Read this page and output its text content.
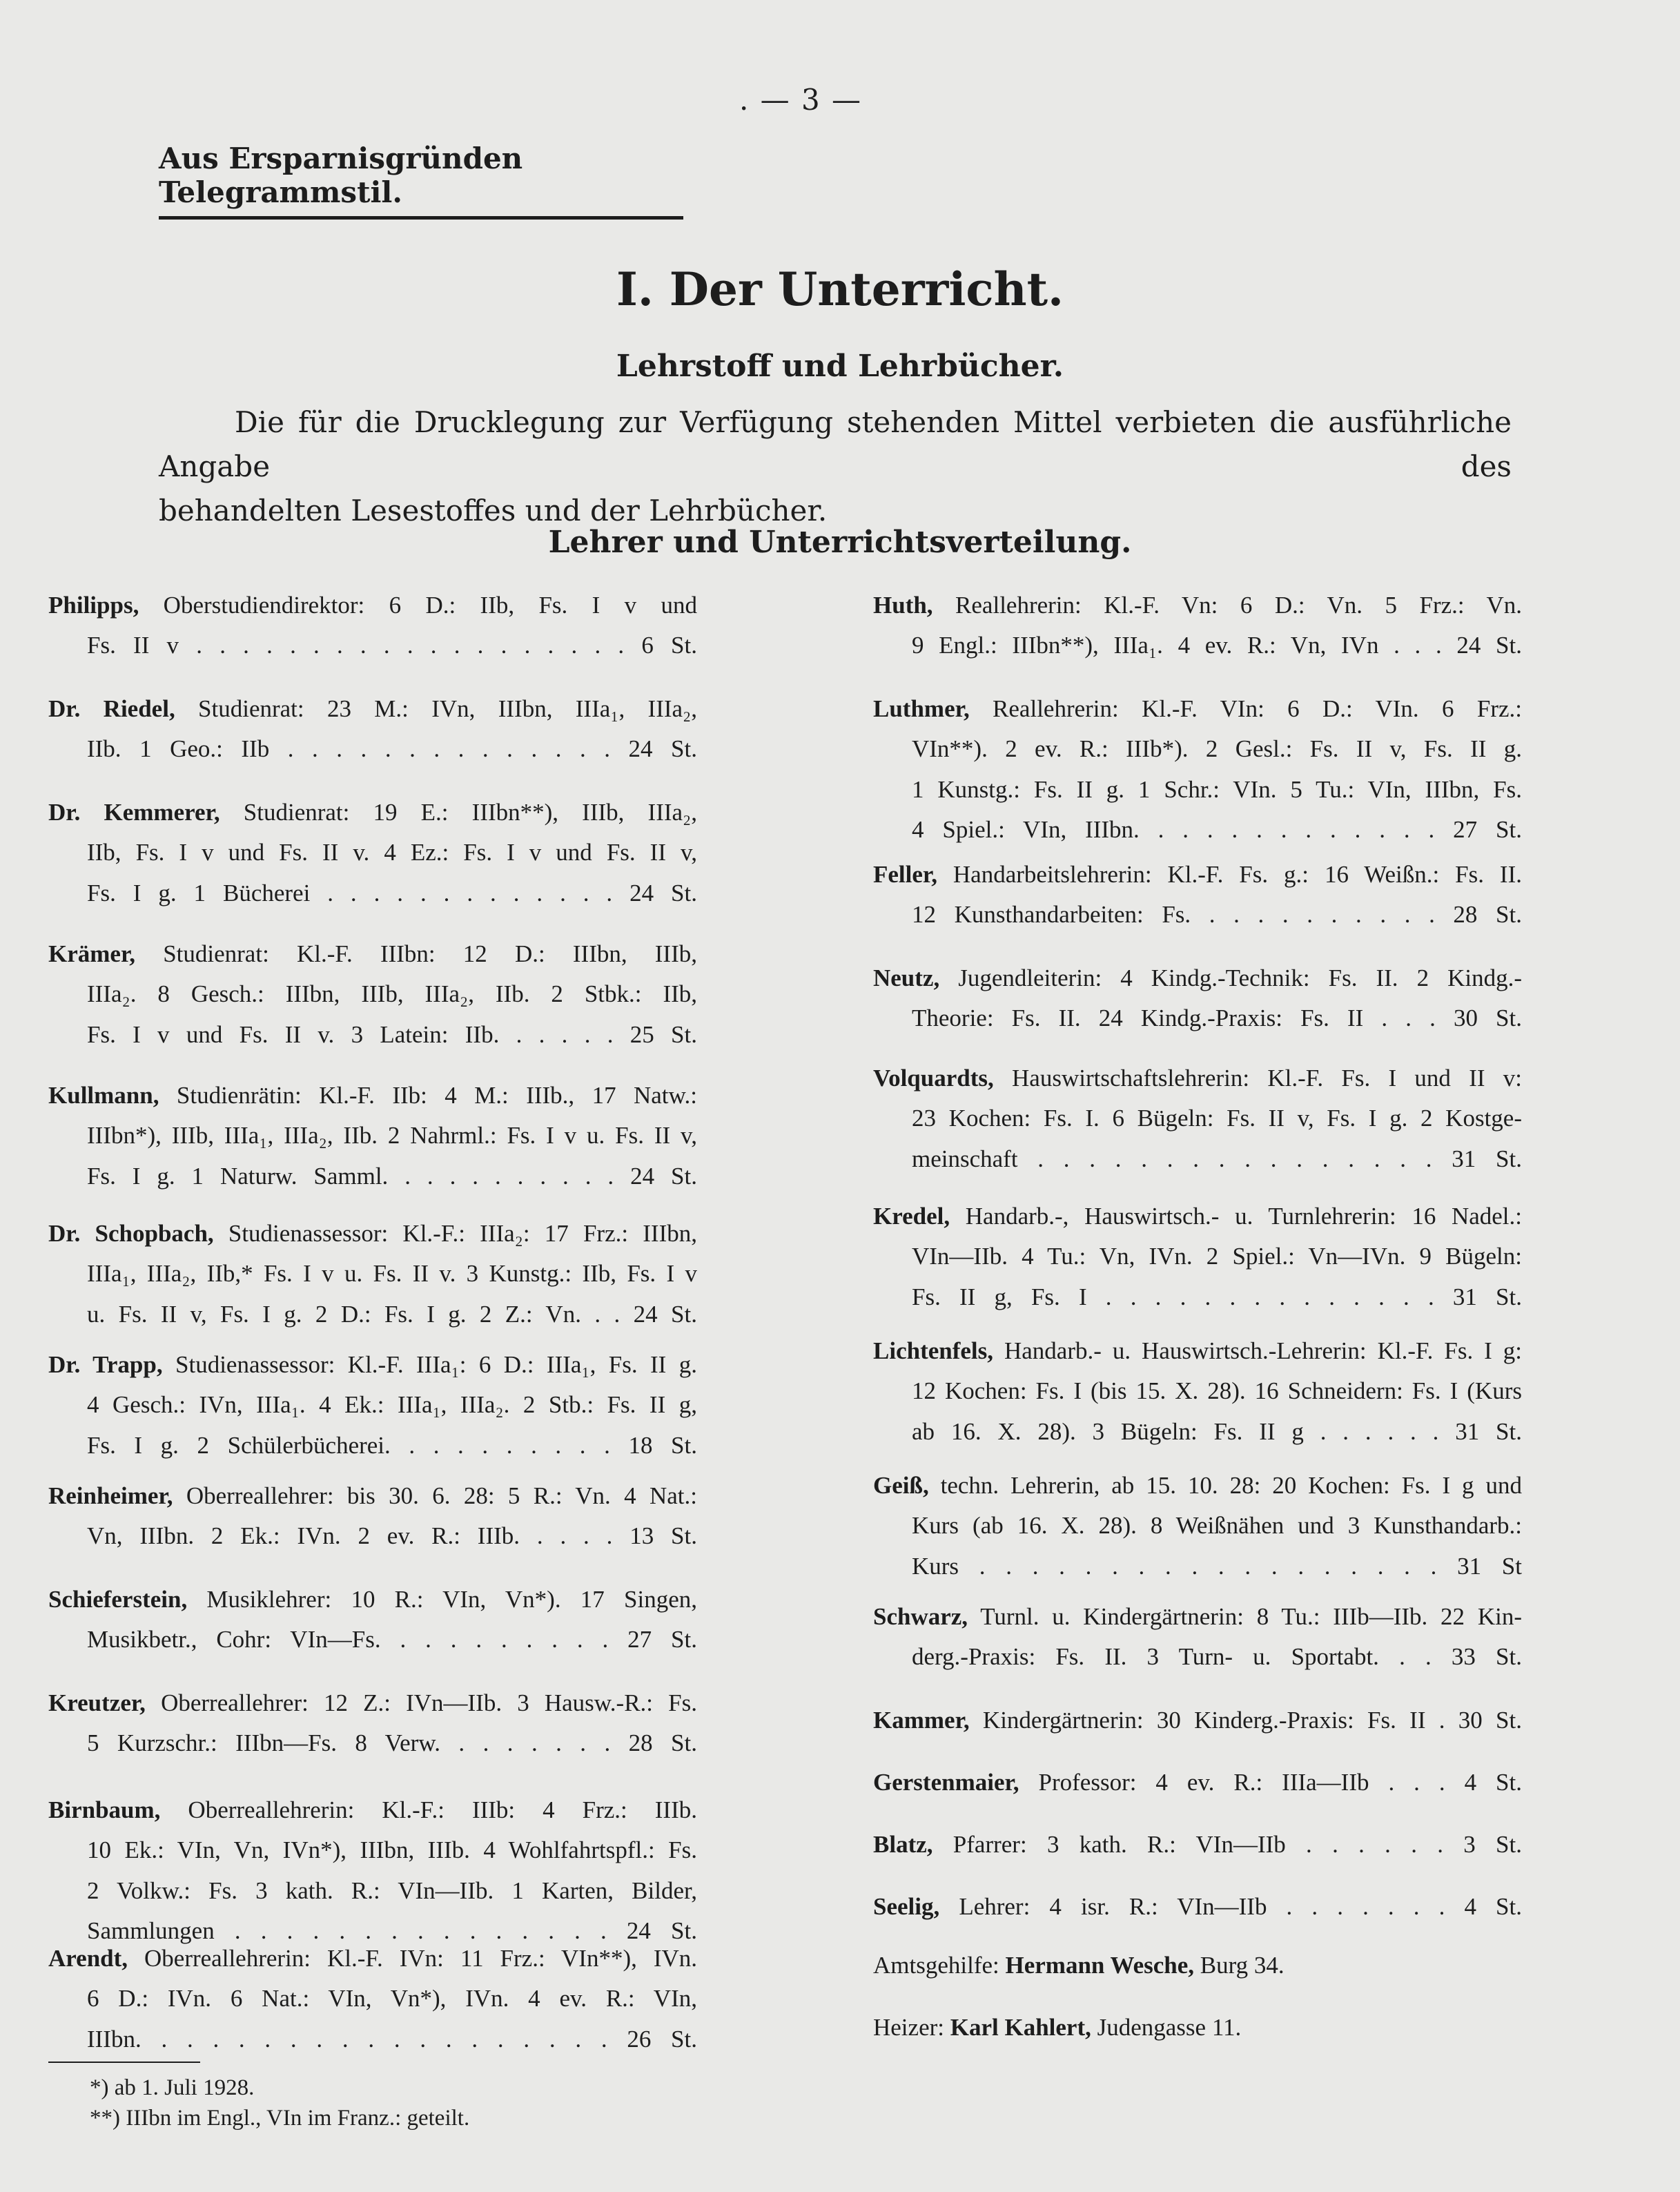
. — 3 —
Aus Ersparnisgründen Telegrammstil.
I. Der Unterricht.
Lehrstoff und Lehrbücher.
Die für die Drucklegung zur Verfügung stehenden Mittel verbieten die ausführliche Angabe des
behandelten Lesestoffes und der Lehrbücher.
Lehrer und Unterrichtsverteilung.
Philipps, Oberstudiendirektor: 6 D.: IIb, Fs. I v und
Fs. II v . . . . . . . . . . . . . . . . . . . 6 St.
Dr. Riedel, Studienrat: 23 M.: IVn, IIIbn, IIIa₁, IIIa₂,
IIb. 1 Geo.: IIb . . . . . . . . . . . . . . 24 St.
Dr. Kemmerer, Studienrat: 19 E.: IIIbn**), IIIb, IIIa₂,
IIb, Fs. I v und Fs. II v. 4 Ez.: Fs. I v und Fs. II v,
Fs. I g. 1 Bücherei . . . . . . . . . . . . . 24 St.
Krämer, Studienrat: Kl.-F. IIIbn: 12 D.: IIIbn, IIIb,
IIIa₂. 8 Gesch.: IIIbn, IIIb, IIIa₂, IIb. 2 Stbk.: IIb,
Fs. I v und Fs. II v. 3 Latein: IIb. . . . . . 25 St.
Kullmann, Studienrätin: Kl.-F. IIb: 4 M.: IIIb., 17 Natw.:
IIIbn*), IIIb, IIIa₁, IIIa₂, IIb. 2 Nahrml.: Fs. I v u. Fs. II v,
Fs. I g. 1 Naturw. Samml. . . . . . . . . . . 24 St.
Dr. Schopbach, Studienassessor: Kl.-F.: IIIa₂: 17 Frz.: IIIbn,
IIIa₁, IIIa₂, IIb,* Fs. I v u. Fs. II v. 3 Kunstg.: IIb, Fs. I v
u. Fs. II v, Fs. I g. 2 D.: Fs. I g. 2 Z.: Vn. . . 24 St.
Dr. Trapp, Studienassessor: Kl.-F. IIIa₁: 6 D.: IIIa₁, Fs. II g.
4 Gesch.: IVn, IIIa₁. 4 Ek.: IIIa₁, IIIa₂. 2 Stb.: Fs. II g,
Fs. I g. 2 Schülerbücherei. . . . . . . . . . 18 St.
Reinheimer, Oberreallehrer: bis 30. 6. 28: 5 R.: Vn. 4 Nat.:
Vn, IIIbn. 2 Ek.: IVn. 2 ev. R.: IIIb. . . . . 13 St.
Schieferstein, Musiklehrer: 10 R.: VIn, Vn*). 17 Singen,
Musikbetr., Cohr: VIn—Fs. . . . . . . . . . 27 St.
Kreutzer, Oberreallehrer: 12 Z.: IVn—IIb. 3 Hausw.-R.: Fs.
5 Kurzschr.: IIIbn—Fs. 8 Verw. . . . . . . . 28 St.
Birnbaum, Oberreallehrerin: Kl.-F.: IIIb: 4 Frz.: IIIb.
10 Ek.: VIn, Vn, IVn*), IIIbn, IIIb. 4 Wohlfahrtspfl.: Fs.
2 Volkw.: Fs. 3 kath. R.: VIn—IIb. 1 Karten, Bilder,
Sammlungen . . . . . . . . . . . . . . . 24 St.
Arendt, Oberreallehrerin: Kl.-F. IVn: 11 Frz.: VIn**), IVn.
6 D.: IVn. 6 Nat.: VIn, Vn*), IVn. 4 ev. R.: VIn,
IIIbn. . . . . . . . . . . . . . . . . . . 26 St.
Huth, Reallehrerin: Kl.-F. Vn: 6 D.: Vn. 5 Frz.: Vn.
9 Engl.: IIIbn**), IIIa₁. 4 ev. R.: Vn, IVn . . . 24 St.
Luthmer, Reallehrerin: Kl.-F. VIn: 6 D.: VIn. 6 Frz.:
VIn**). 2 ev. R.: IIIb*). 2 Gesl.: Fs. II v, Fs. II g.
1 Kunstg.: Fs. II g. 1 Schr.: VIn. 5 Tu.: VIn, IIIbn, Fs.
4 Spiel.: VIn, IIIbn. . . . . . . . . . . . . 27 St.
Feller, Handarbeitslehrerin: Kl.-F. Fs. g.: 16 Weißn.: Fs. II.
12 Kunsthandarbeiten: Fs. . . . . . . . . . . 28 St.
Neutz, Jugendleiterin: 4 Kindg.-Technik: Fs. II. 2 Kindg.-
Theorie: Fs. II. 24 Kindg.-Praxis: Fs. II . . . 30 St.
Volquardts, Hauswirtschaftslehrerin: Kl.-F. Fs. I und II v:
23 Kochen: Fs. I. 6 Bügeln: Fs. II v, Fs. I g. 2 Kostge-
meinschaft . . . . . . . . . . . . . . . . 31 St.
Kredel, Handarb.-, Hauswirtsch.- u. Turnlehrerin: 16 Nadel.:
VIn—IIb. 4 Tu.: Vn, IVn. 2 Spiel.: Vn—IVn. 9 Bügeln:
Fs. II g, Fs. I . . . . . . . . . . . . . . 31 St.
Lichtenfels, Handarb.- u. Hauswirtsch.-Lehrerin: Kl.-F. Fs. I g:
12 Kochen: Fs. I (bis 15. X. 28). 16 Schneidern: Fs. I (Kurs
ab 16. X. 28). 3 Bügeln: Fs. II g . . . . . . 31 St.
Geiß, techn. Lehrerin, ab 15. 10. 28: 20 Kochen: Fs. I g und
Kurs (ab 16. X. 28). 8 Weißnähen und 3 Kunsthandarb.:
Kurs . . . . . . . . . . . . . . . . . . 31 St
Schwarz, Turnl. u. Kindergärtnerin: 8 Tu.: IIIb—IIb. 22 Kin-
derg.-Praxis: Fs. II. 3 Turn- u. Sportabt. . . 33 St.
Kammer, Kindergärtnerin: 30 Kinderg.-Praxis: Fs. II . 30 St.
Gerstenmaier, Professor: 4 ev. R.: IIIa—IIb . . . 4 St.
Blatz, Pfarrer: 3 kath. R.: VIn—IIb . . . . . . 3 St.
Seelig, Lehrer: 4 isr. R.: VIn—IIb . . . . . . . 4 St.
Amtsgehilfe: Hermann Wesche, Burg 34.
Heizer: Karl Kahlert, Judengasse 11.
*) ab 1. Juli 1928.
**) IIIbn im Engl., VIn im Franz.: geteilt.
